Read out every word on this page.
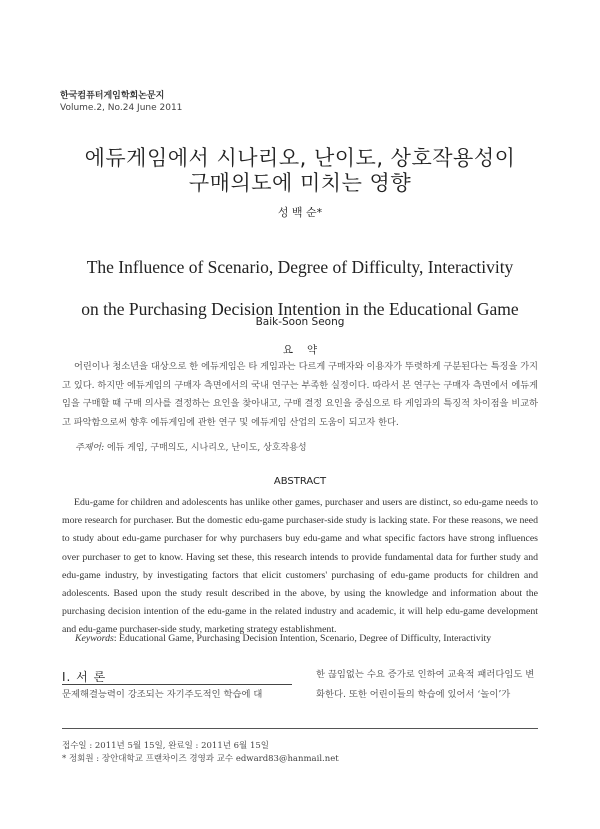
한국컴퓨터게임학회논문지
Volume.2, No.24 June 2011
에듀게임에서 시나리오, 난이도, 상호작용성이
구매의도에 미치는 영향
성 백 순*
The Influence of Scenario, Degree of Difficulty, Interactivity
on the Purchasing Decision Intention in the Educational Game
Baik-Soon Seong
요약

어린이나 청소년을 대상으로 한 에듀게임은 타 게임과는 다르게 구매자와 이용자가 뚜렷하게 구분된다는 특징을 가지고 있다. 하지만 에듀게임의 구매자 측면에서의 국내 연구는 부족한 실정이다. 따라서 본 연구는 구매자 측면에서 에듀게임을 구매할 때 구매 의사를 결정하는 요인을 찾아내고, 구매 결정 요인을 중심으로 타 게임과의 특징적 차이점을 비교하고 파악함으로써 향후 에듀게임에 관한 연구 및 에듀게임 산업의 도움이 되고자 한다.

주제어: 에듀 게임, 구매의도, 시나리오, 난이도, 상호작용성
ABSTRACT

Edu-game for children and adolescents has unlike other games, purchaser and users are distinct, so edu-game needs to more research for purchaser. But the domestic edu-game purchaser-side study is lacking state. For these reasons, we need to study about edu-game purchaser for why purchasers buy edu-game and what specific factors have strong influences over purchaser to get to know. Having set these, this research intends to provide fundamental data for further study and edu-game industry, by investigating factors that elicit customers' purchasing of edu-game products for children and adolescents. Based upon the study result described in the above, by using the knowledge and information about the purchasing decision intention of the edu-game in the related industry and academic, it will help edu-game development and edu-game purchaser-side study, marketing strategy establishment.

Keywords: Educational Game, Purchasing Decision Intention, Scenario, Degree of Difficulty, Interactivity
Ⅰ. 서 론

문제해결능력이 강조되는 자기주도적인 학습에 대

한 끊임없는 수요 증가로 인하여 교육적 패러다임도 변화한다. 또한 어린이들의 학습에 있어서 ‘놀이’가

접수일 : 2011년 5월 15일, 완료일 : 2011년 6월 15일
* 정회원 : 장안대학교 프랜차이즈 경영과 교수 edward83@hanmail.net
